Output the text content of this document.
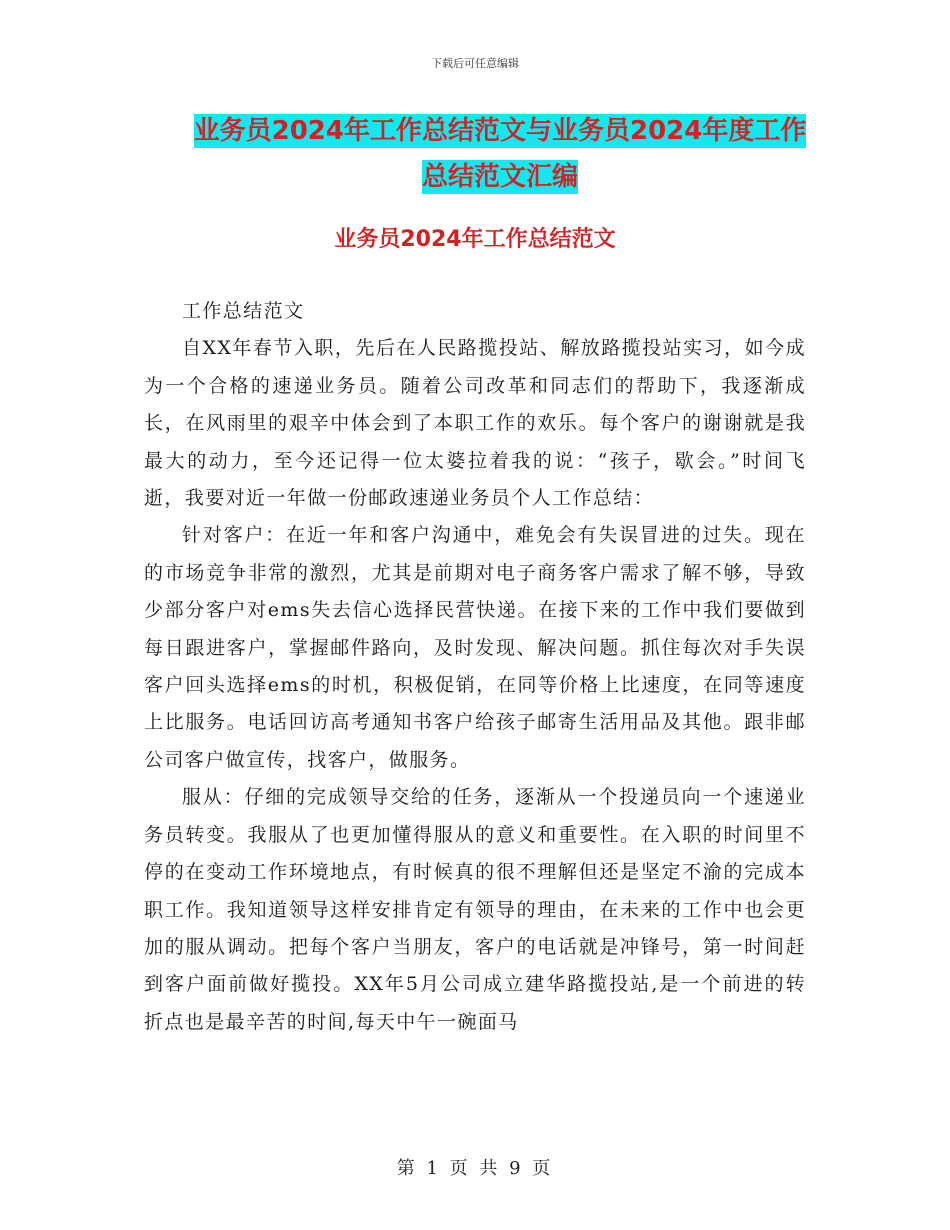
下载后可任意编辑
业务员2024年工作总结范文与业务员2024年度工作
总结范文汇编
业务员2024年工作总结范文

工作总结范文

自XX年春节入职，先后在人民路揽投站、解放路揽投站实习，如今成为一个合格的速递业务员。随着公司改革和同志们的帮助下，我逐渐成长，在风雨里的艰辛中体会到了本职工作的欢乐。每个客户的谢谢就是我最大的动力，至今还记得一位太婆拉着我的说：“孩子，歇会。”时间飞逝，我要对近一年做一份邮政速递业务员个人工作总结：

针对客户：在近一年和客户沟通中，难免会有失误冒进的过失。现在的市场竞争非常的激烈，尤其是前期对电子商务客户需求了解不够，导致少部分客户对ems失去信心选择民营快递。在接下来的工作中我们要做到每日跟进客户，掌握邮件路向，及时发现、解决问题。抓住每次对手失误客户回头选择ems的时机，积极促销，在同等价格上比速度，在同等速度上比服务。电话回访高考通知书客户给孩子邮寄生活用品及其他。跟非邮公司客户做宣传，找客户，做服务。

服从：仔细的完成领导交给的任务，逐渐从一个投递员向一个速递业务员转变。我服从了也更加懂得服从的意义和重要性。在入职的时间里不停的在变动工作环境地点，有时候真的很不理解但还是坚定不渝的完成本职工作。我知道领导这样安排肯定有领导的理由，在未来的工作中也会更加的服从调动。把每个客户当朋友，客户的电话就是冲锋号，第一时间赶到客户面前做好揽投。XX年5月公司成立建华路揽投站,是一个前进的转折点也是最辛苦的时间,每天中午一碗面马

第 1 页 共 9 页
